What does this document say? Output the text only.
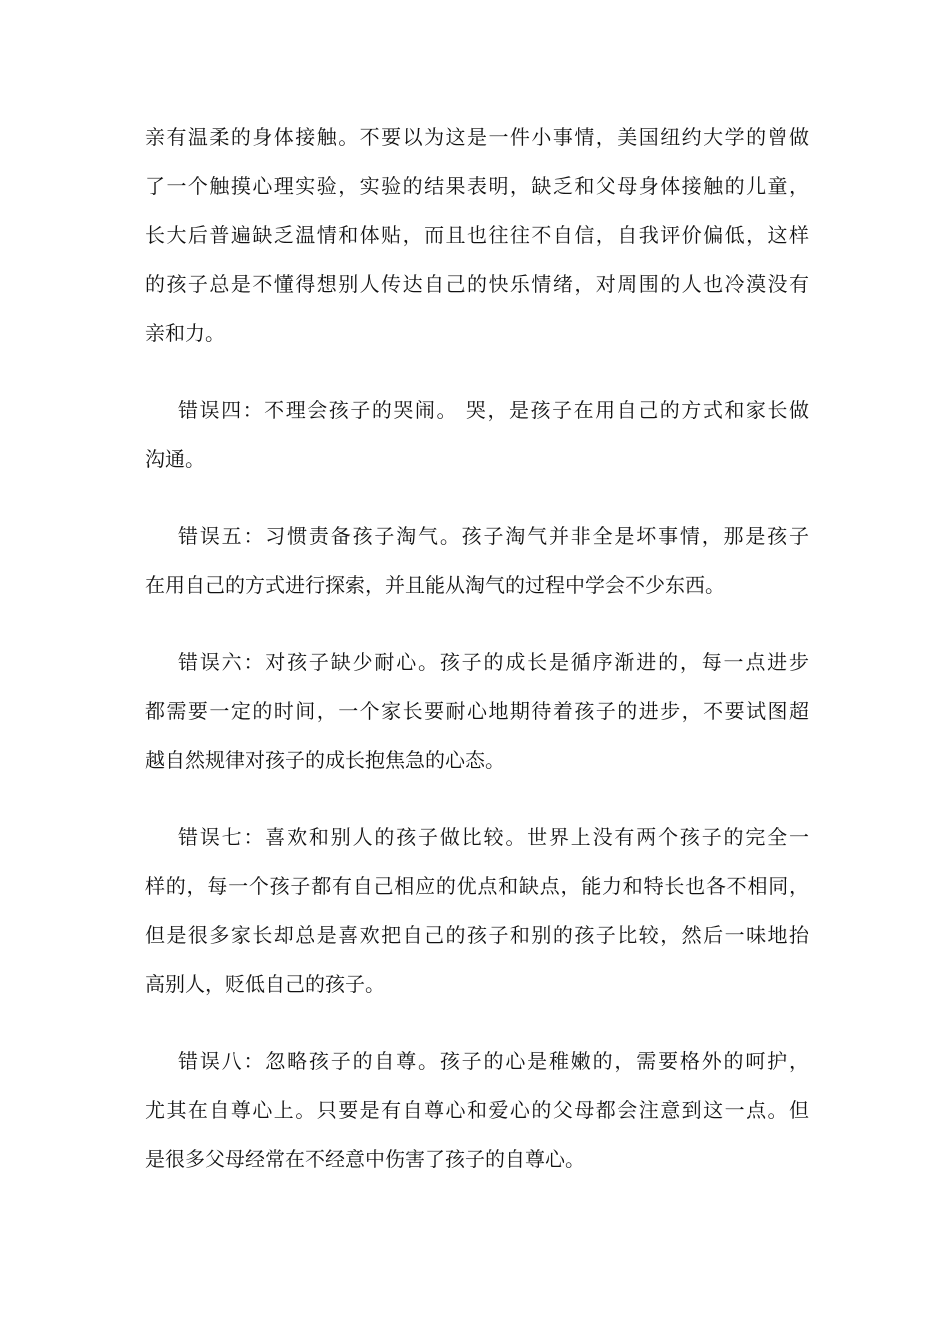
亲有温柔的身体接触。不要以为这是一件小事情，美国纽约大学的曾做
了一个触摸心理实验，实验的结果表明，缺乏和父母身体接触的儿童，
长大后普遍缺乏温情和体贴，而且也往往不自信，自我评价偏低，这样
的孩子总是不懂得想别人传达自己的快乐情绪，对周围的人也冷漠没有
亲和力。
错误四：不理会孩子的哭闹。 哭，是孩子在用自己的方式和家长做
沟通。
错误五：习惯责备孩子淘气。孩子淘气并非全是坏事情，那是孩子
在用自己的方式进行探索，并且能从淘气的过程中学会不少东西。
错误六：对孩子缺少耐心。孩子的成长是循序渐进的，每一点进步
都需要一定的时间，一个家长要耐心地期待着孩子的进步，不要试图超
越自然规律对孩子的成长抱焦急的心态。
错误七：喜欢和别人的孩子做比较。世界上没有两个孩子的完全一
样的，每一个孩子都有自己相应的优点和缺点，能力和特长也各不相同，
但是很多家长却总是喜欢把自己的孩子和别的孩子比较，然后一味地抬
高别人，贬低自己的孩子。
错误八：忽略孩子的自尊。孩子的心是稚嫩的，需要格外的呵护，
尤其在自尊心上。只要是有自尊心和爱心的父母都会注意到这一点。但
是很多父母经常在不经意中伤害了孩子的自尊心。
